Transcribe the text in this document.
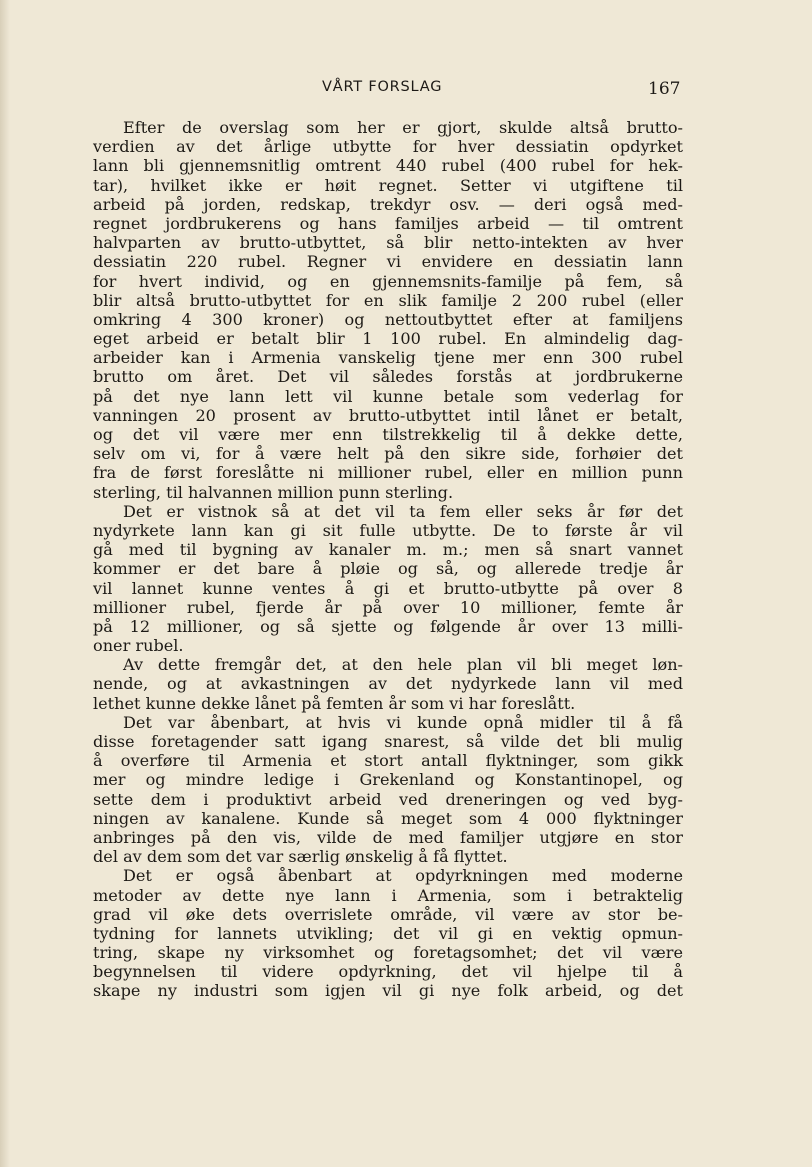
VÅRT FORSLAG	167
Efter de overslag som her er gjort, skulde altså brutto-
verdien av det årlige utbytte for hver dessiatin opdyrket
lann bli gjennemsnitlig omtrent 440 rubel (400 rubel for hek-
tar), hvilket ikke er høit regnet. Setter vi utgiftene til
arbeid på jorden, redskap, trekdyr osv. — deri også med-
regnet jordbrukerens og hans familjes arbeid — til omtrent
halvparten av brutto-utbyttet, så blir netto-intekten av hver
dessiatin 220 rubel. Regner vi envidere en dessiatin lann
for hvert individ, og en gjennemsnits-familje på fem, så
blir altså brutto-utbyttet for en slik familje 2 200 rubel (eller
omkring 4 300 kroner) og nettoutbyttet efter at familjens
eget arbeid er betalt blir 1 100 rubel. En almindelig dag-
arbeider kan i Armenia vanskelig tjene mer enn 300 rubel
brutto om året. Det vil således forstås at jordbrukerne
på det nye lann lett vil kunne betale som vederlag for
vanningen 20 prosent av brutto-utbyttet intil lånet er betalt,
og det vil være mer enn tilstrekkelig til å dekke dette,
selv om vi, for å være helt på den sikre side, forhøier det
fra de først foreslåtte ni millioner rubel, eller en million punn
sterling, til halvannen million punn sterling.
Det er vistnok så at det vil ta fem eller seks år før det
nydyrkete lann kan gi sit fulle utbytte. De to første år vil
gå med til bygning av kanaler m. m.; men så snart vannet
kommer er det bare å pløie og så, og allerede tredje år
vil lannet kunne ventes å gi et brutto-utbytte på over 8
millioner rubel, fjerde år på over 10 millioner, femte år
på 12 millioner, og så sjette og følgende år over 13 milli-
oner rubel.
Av dette fremgår det, at den hele plan vil bli meget løn-
nende, og at avkastningen av det nydyrkede lann vil med
lethet kunne dekke lånet på femten år som vi har foreslått.
Det var åbenbart, at hvis vi kunde opnå midler til å få
disse foretagender satt igang snarest, så vilde det bli mulig
å overføre til Armenia et stort antall flyktninger, som gikk
mer og mindre ledige i Grekenland og Konstantinopel, og
sette dem i produktivt arbeid ved dreneringen og ved byg-
ningen av kanalene. Kunde så meget som 4 000 flyktninger
anbringes på den vis, vilde de med familjer utgjøre en stor
del av dem som det var særlig ønskelig å få flyttet.
Det er også åbenbart at opdyrkningen med moderne
metoder av dette nye lann i Armenia, som i betraktelig
grad vil øke dets overrislete område, vil være av stor be-
tydning for lannets utvikling; det vil gi en vektig opmun-
tring, skape ny virksomhet og foretagsomhet; det vil være
begynnelsen til videre opdyrkning, det vil hjelpe til å
skape ny industri som igjen vil gi nye folk arbeid, og det
